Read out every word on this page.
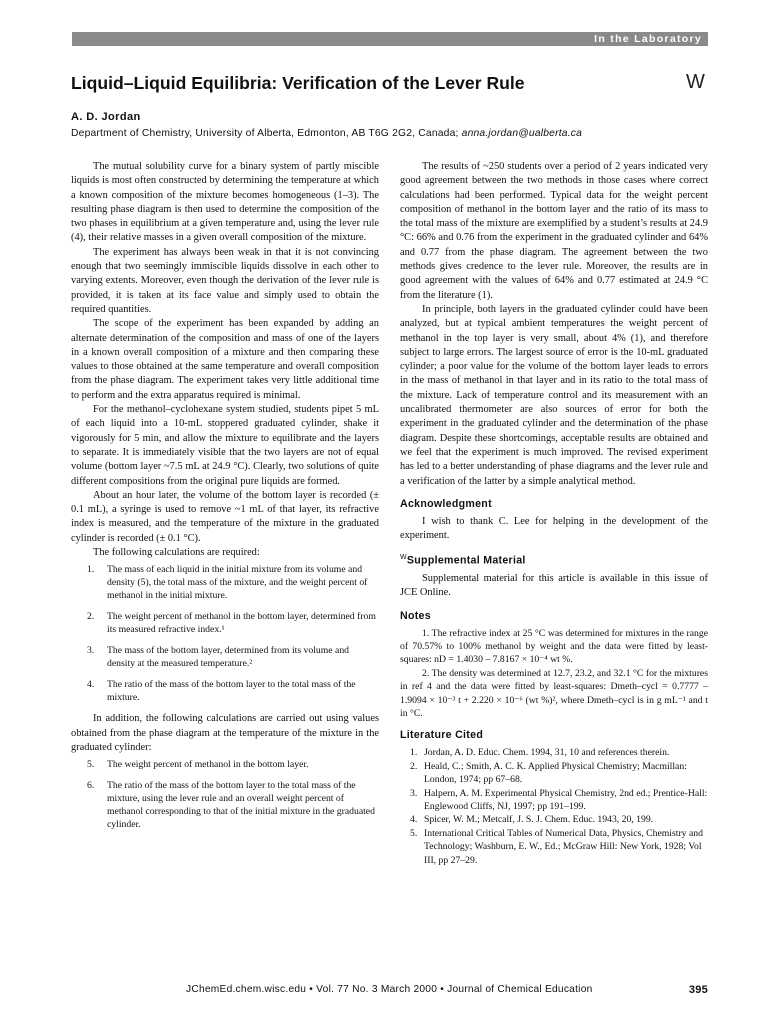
In the Laboratory
Liquid–Liquid Equilibria: Verification of the Lever Rule	W
A. D. Jordan
Department of Chemistry, University of Alberta, Edmonton, AB T6G 2G2, Canada; anna.jordan@ualberta.ca

The mutual solubility curve for a binary system of partly miscible liquids is most often constructed by determining the temperature at which a known composition of the mixture becomes homogeneous (1–3). The resulting phase diagram is then used to determine the composition of the two phases in equilibrium at a given temperature and, using the lever rule (4), their relative masses in a given overall composition of the mixture.

The experiment has always been weak in that it is not convincing enough that two seemingly immiscible liquids dissolve in each other to varying extents. Moreover, even though the derivation of the lever rule is provided, it is taken at its face value and simply used to obtain the required quantities.

The scope of the experiment has been expanded by adding an alternate determination of the composition and mass of one of the layers in a known overall composition of a mixture and then comparing these values to those obtained at the same temperature and overall composition from the phase diagram. The experiment takes very little additional time to perform and the extra apparatus required is minimal.

For the methanol–cyclohexane system studied, students pipet 5 mL of each liquid into a 10-mL stoppered graduated cylinder, shake it vigorously for 5 min, and allow the mixture to equilibrate and the layers to separate. It is immediately visible that the two layers are not of equal volume (bottom layer ~7.5 mL at 24.9 °C). Clearly, two solutions of quite different compositions from the original pure liquids are formed.

About an hour later, the volume of the bottom layer is recorded (± 0.1 mL), a syringe is used to remove ~1 mL of that layer, its refractive index is measured, and the temperature of the mixture in the graduated cylinder is recorded (± 0.1 °C).

The following calculations are required:

1. The mass of each liquid in the initial mixture from its volume and density (5), the total mass of the mixture, and the weight percent of methanol in the initial mixture.
2. The weight percent of methanol in the bottom layer, determined from its measured refractive index.¹
3. The mass of the bottom layer, determined from its volume and density at the measured temperature.²
4. The ratio of the mass of the bottom layer to the total mass of the mixture.

In addition, the following calculations are carried out using values obtained from the phase diagram at the temperature of the mixture in the graduated cylinder:

5. The weight percent of methanol in the bottom layer.
6. The ratio of the mass of the bottom layer to the total mass of the mixture, using the lever rule and an overall weight percent of methanol corresponding to that of the initial mixture in the graduated cylinder.

The results of ~250 students over a period of 2 years indicated very good agreement between the two methods in those cases where correct calculations had been performed. Typical data for the weight percent composition of methanol in the bottom layer and the ratio of its mass to the total mass of the mixture are exemplified by a student’s results at 24.9 °C: 66% and 0.76 from the experiment in the graduated cylinder and 64% and 0.77 from the phase diagram. The agreement between the two methods gives credence to the lever rule. Moreover, the results are in good agreement with the values of 64% and 0.77 estimated at 24.9 °C from the literature (1).

In principle, both layers in the graduated cylinder could have been analyzed, but at typical ambient temperatures the weight percent of methanol in the top layer is very small, about 4% (1), and therefore subject to large errors. The largest source of error is the 10-mL graduated cylinder; a poor value for the volume of the bottom layer leads to errors in the mass of methanol in that layer and in its ratio to the total mass of the mixture. Lack of temperature control and its measurement with an uncalibrated thermometer are also sources of error for both the experiment in the graduated cylinder and the determination of the phase diagram. Despite these shortcomings, acceptable results are obtained and we feel that the experiment is much improved. The revised experiment has led to a better understanding of phase diagrams and the lever rule and a verification of the latter by a simple analytical method.

Acknowledgment

I wish to thank C. Lee for helping in the development of the experiment.

$^W$Supplemental Material

Supplemental material for this article is available in this issue of JCE Online.

Notes

1. The refractive index at 25 °C was determined for mixtures in the range of 70.57% to 100% methanol by weight and the data were fitted by least-squares: nD = 1.4030 – 7.8167 × 10⁻⁴ wt %.

2. The density was determined at 12.7, 23.2, and 32.1 °C for the mixtures in ref 4 and the data were fitted by least-squares: Dmeth–cycl = 0.7777 – 1.9094 × 10⁻³ t + 2.220 × 10⁻⁶ (wt %)², where Dmeth–cycl is in g mL⁻¹ and t in °C.

Literature Cited
1. Jordan, A. D. Educ. Chem. 1994, 31, 10 and references therein.
2. Heald, C.; Smith, A. C. K. Applied Physical Chemistry; Macmillan: London, 1974; pp 67–68.
3. Halpern, A. M. Experimental Physical Chemistry, 2nd ed.; Prentice-Hall: Englewood Cliffs, NJ, 1997; pp 191–199.
4. Spicer, W. M.; Metcalf, J. S. J. Chem. Educ. 1943, 20, 199.
5. International Critical Tables of Numerical Data, Physics, Chemistry and Technology; Washburn, E. W., Ed.; McGraw Hill: New York, 1928; Vol III, pp 27–29.
JChemEd.chem.wisc.edu • Vol. 77 No. 3 March 2000 • Journal of Chemical Education	395
